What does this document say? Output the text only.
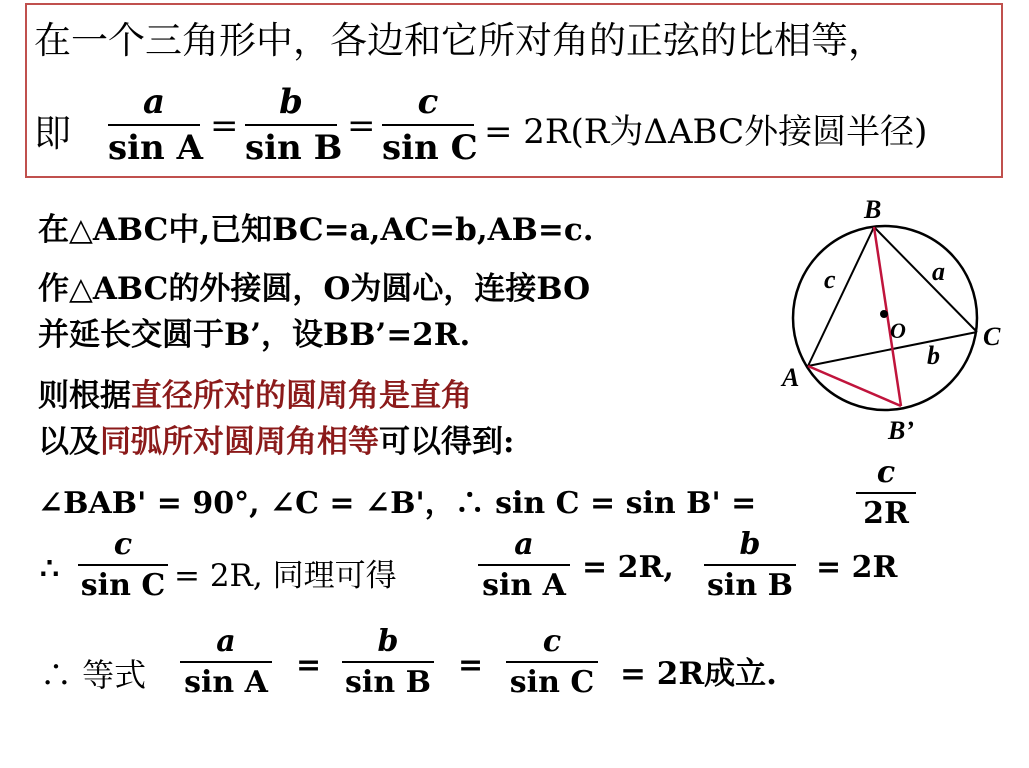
在一个三角形中，各边和它所对角的正弦的比相等，
即
a
sin A
=
b
sin B
=
c
sin C = 2R(R为ΔABC外接圆半径)
在△ABC中,已知BC=a,AC=b,AB=c.
作△ABC的外接圆，O为圆心，连接BO
并延长交圆于B’，设BB’=2R.
则根据直径所对的圆周角是直角
以及同弧所对圆周角相等可以得到:
∠BAB' = 90°, ∠C = ∠B'，∴ sin C = sin B' =
c
2R
∴
c
sin C = 2R, 同理可得
a
sin A
= 2R,
b
sin B
= 2R
∴ 等式
a
sin A =
b
sin B =
c
sin C = 2R成立.
B
A
C
B’
O
a
b
c
